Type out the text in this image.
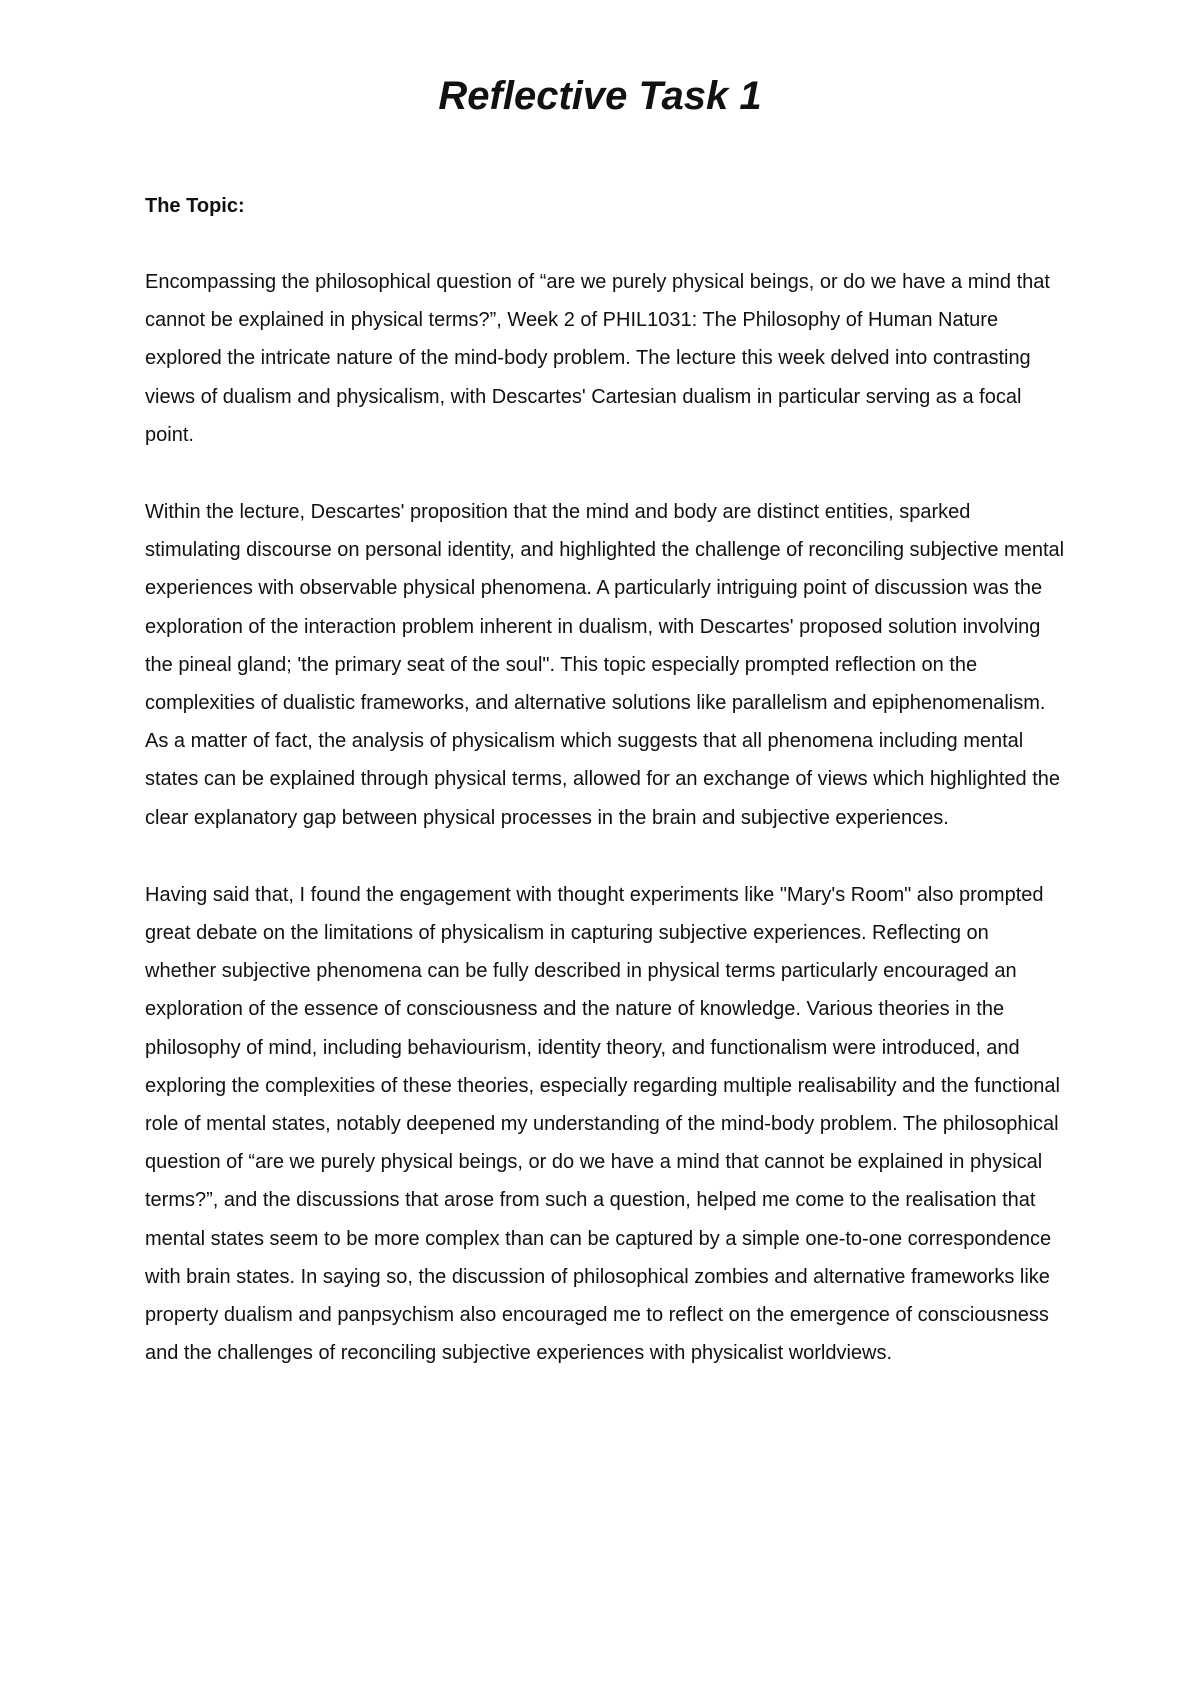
Reflective Task 1

The Topic:

Encompassing the philosophical question of “are we purely physical beings, or do we have a mind that cannot be explained in physical terms?”, Week 2 of PHIL1031: The Philosophy of Human Nature explored the intricate nature of the mind-body problem. The lecture this week delved into contrasting views of dualism and physicalism, with Descartes' Cartesian dualism in particular serving as a focal point.

Within the lecture, Descartes' proposition that the mind and body are distinct entities, sparked stimulating discourse on personal identity, and highlighted the challenge of reconciling subjective mental experiences with observable physical phenomena. A particularly intriguing point of discussion was the exploration of the interaction problem inherent in dualism, with Descartes' proposed solution involving the pineal gland; 'the primary seat of the soul". This topic especially prompted reflection on the complexities of dualistic frameworks, and alternative solutions like parallelism and epiphenomenalism. As a matter of fact, the analysis of physicalism which suggests that all phenomena including mental states can be explained through physical terms, allowed for an exchange of views which highlighted the clear explanatory gap between physical processes in the brain and subjective experiences.

Having said that, I found the engagement with thought experiments like "Mary's Room" also prompted great debate on the limitations of physicalism in capturing subjective experiences. Reflecting on whether subjective phenomena can be fully described in physical terms particularly encouraged an exploration of the essence of consciousness and the nature of knowledge. Various theories in the philosophy of mind, including behaviourism, identity theory, and functionalism were introduced, and exploring the complexities of these theories, especially regarding multiple realisability and the functional role of mental states, notably deepened my understanding of the mind-body problem. The philosophical question of “are we purely physical beings, or do we have a mind that cannot be explained in physical terms?”, and the discussions that arose from such a question, helped me come to the realisation that mental states seem to be more complex than can be captured by a simple one-to-one correspondence with brain states. In saying so, the discussion of philosophical zombies and alternative frameworks like property dualism and panpsychism also encouraged me to reflect on the emergence of consciousness and the challenges of reconciling subjective experiences with physicalist worldviews.
